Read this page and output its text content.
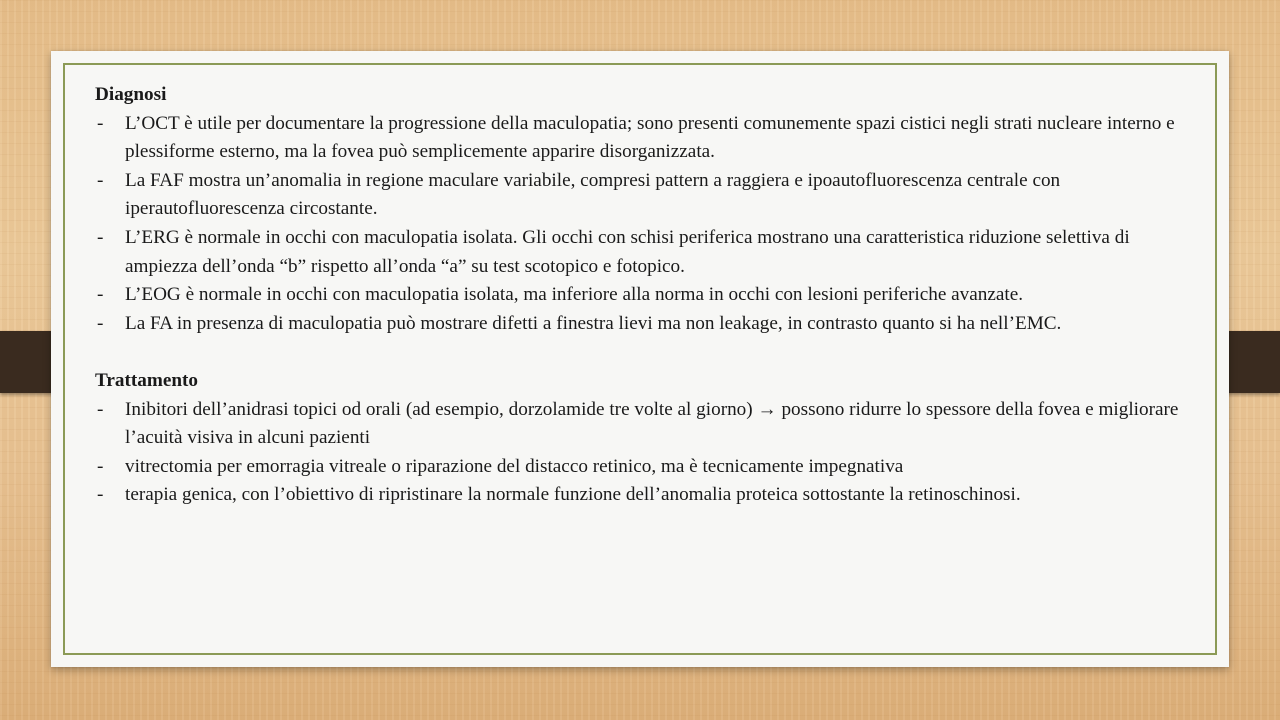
Diagnosi

- L’OCT è utile per documentare la progressione della maculopatia; sono presenti comunemente spazi cistici negli strati nucleare interno e plessiforme esterno, ma la fovea può semplicemente apparire disorganizzata.
- La FAF mostra un’anomalia in regione maculare variabile, compresi pattern a raggiera e ipoautofluorescenza centrale con iperautofluorescenza circostante.
- L’ERG è normale in occhi con maculopatia isolata. Gli occhi con schisi periferica mostrano una caratteristica riduzione selettiva di ampiezza dell’onda “b” rispetto all’onda “a” su test scotopico e fotopico.
- L’EOG è normale in occhi con maculopatia isolata, ma inferiore alla norma in occhi con lesioni periferiche avanzate.
- La FA in presenza di maculopatia può mostrare difetti a finestra lievi ma non leakage, in contrasto quanto si ha nell’EMC.

Trattamento

- Inibitori dell’anidrasi topici od orali (ad esempio, dorzolamide tre volte al giorno) → possono ridurre lo spessore della fovea e migliorare l’acuità visiva in alcuni pazienti
- vitrectomia per emorragia vitreale o riparazione del distacco retinico, ma è tecnicamente impegnativa
- terapia genica, con l’obiettivo di ripristinare la normale funzione dell’anomalia proteica sottostante la retinoschinosi.
